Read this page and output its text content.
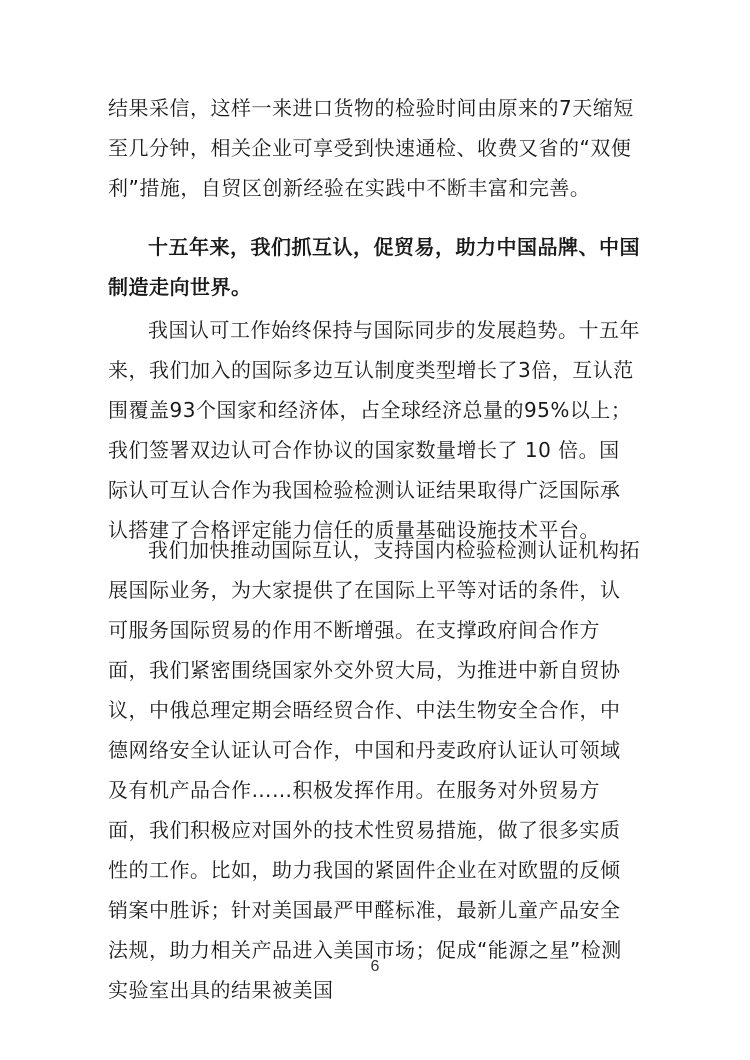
结果采信，这样一来进口货物的检验时间由原来的7天缩短至几分钟，相关企业可享受到快速通检、收费又省的“双便利”措施，自贸区创新经验在实践中不断丰富和完善。

十五年来，我们抓互认，促贸易，助力中国品牌、中国制造走向世界。

我国认可工作始终保持与国际同步的发展趋势。十五年来，我们加入的国际多边互认制度类型增长了3倍，互认范围覆盖93个国家和经济体，占全球经济总量的95%以上；我们签署双边认可合作协议的国家数量增长了 10 倍。国际认可互认合作为我国检验检测认证结果取得广泛国际承认搭建了合格评定能力信任的质量基础设施技术平台。

我们加快推动国际互认，支持国内检验检测认证机构拓展国际业务，为大家提供了在国际上平等对话的条件，认可服务国际贸易的作用不断增强。在支撑政府间合作方面，我们紧密围绕国家外交外贸大局，为推进中新自贸协议，中俄总理定期会晤经贸合作、中法生物安全合作，中德网络安全认证认可合作，中国和丹麦政府认证认可领域及有机产品合作……积极发挥作用。在服务对外贸易方面，我们积极应对国外的技术性贸易措施，做了很多实质性的工作。比如，助力我国的紧固件企业在对欧盟的反倾销案中胜诉；针对美国最严甲醛标准，最新儿童产品安全法规，助力相关产品进入美国市场；促成“能源之星”检测实验室出具的结果被美国

6
